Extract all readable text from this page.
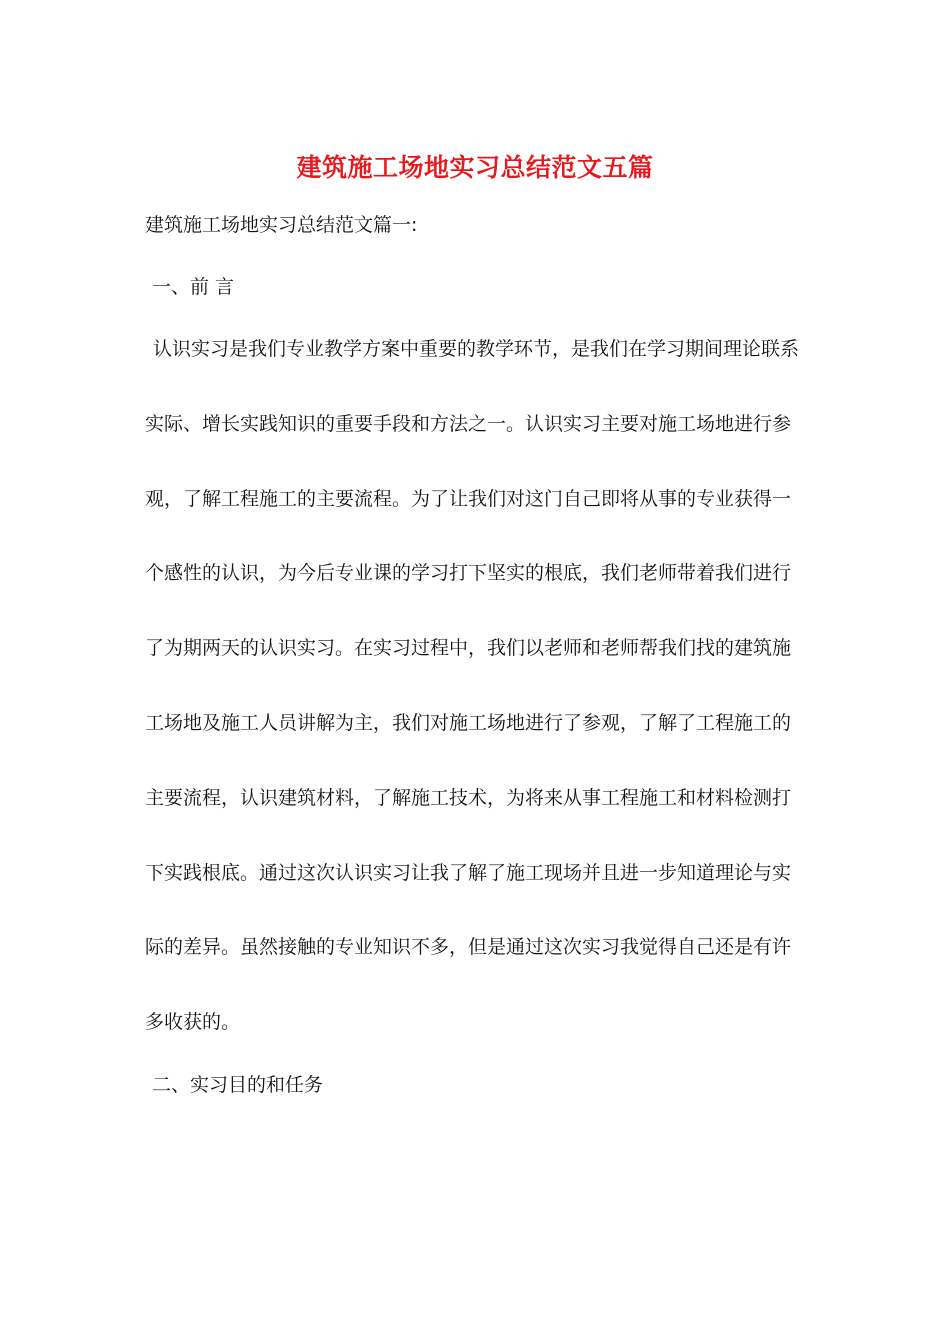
建筑施工场地实习总结范文五篇
建筑施工场地实习总结范文篇一:
一、前 言
认识实习是我们专业教学方案中重要的教学环节，是我们在学习期间理论联系
实际、增长实践知识的重要手段和方法之一。认识实习主要对施工场地进行参
观，了解工程施工的主要流程。为了让我们对这门自己即将从事的专业获得一
个感性的认识，为今后专业课的学习打下坚实的根底，我们老师带着我们进行
了为期两天的认识实习。在实习过程中，我们以老师和老师帮我们找的建筑施
工场地及施工人员讲解为主，我们对施工场地进行了参观，了解了工程施工的
主要流程，认识建筑材料，了解施工技术，为将来从事工程施工和材料检测打
下实践根底。通过这次认识实习让我了解了施工现场并且进一步知道理论与实
际的差异。虽然接触的专业知识不多，但是通过这次实习我觉得自己还是有许
多收获的。
二、实习目的和任务
